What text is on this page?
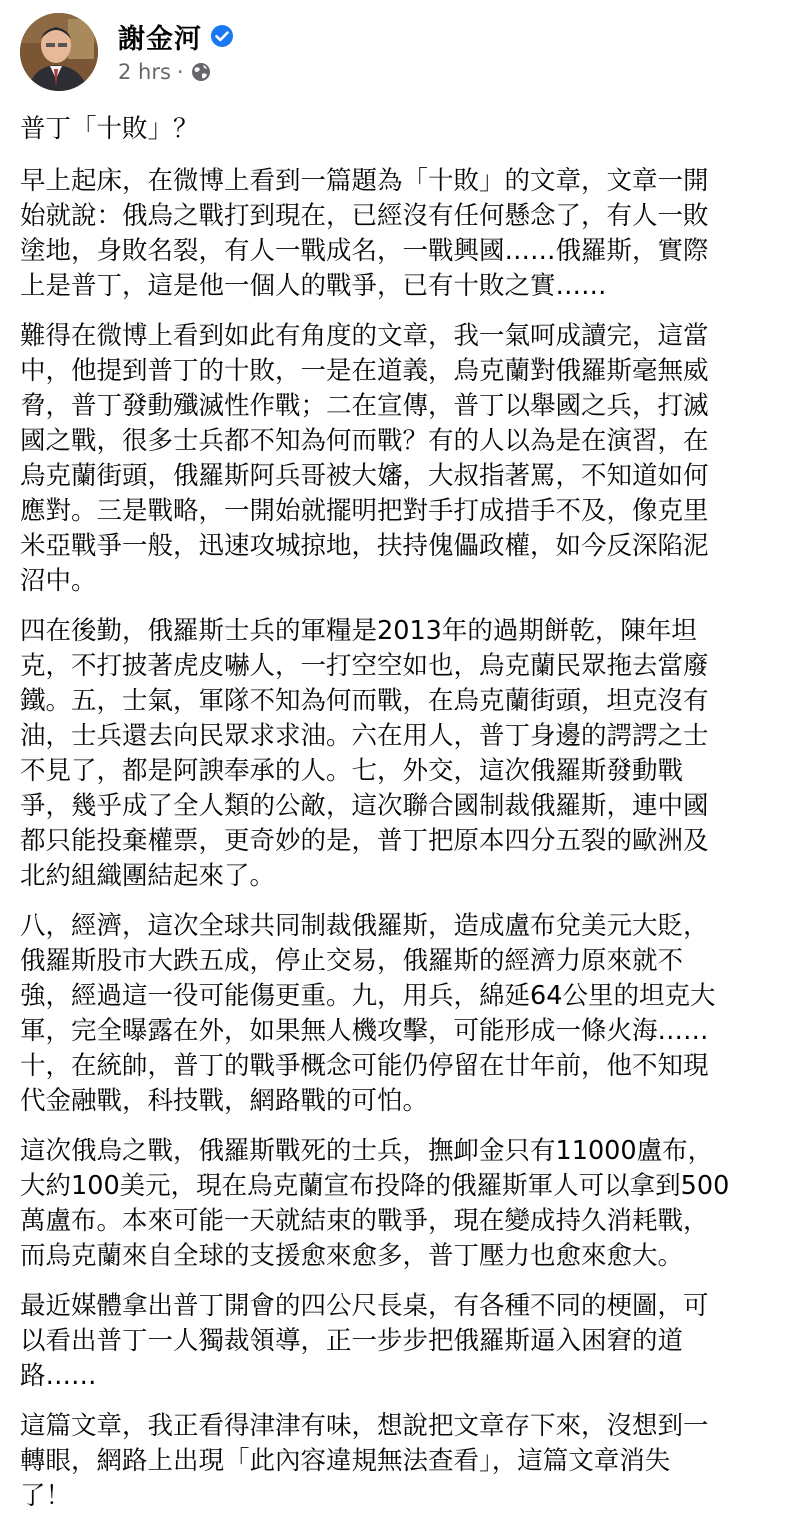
謝金河
2 hrs ·

普丁「十敗」？

早上起床，在微博上看到一篇題為「十敗」的文章，文章一開
始就說：俄烏之戰打到現在，已經沒有任何懸念了，有人一敗
塗地，身敗名裂，有人一戰成名，一戰興國……俄羅斯，實際
上是普丁，這是他一個人的戰爭，已有十敗之實……

難得在微博上看到如此有角度的文章，我一氣呵成讀完，這當
中，他提到普丁的十敗，一是在道義，烏克蘭對俄羅斯毫無威
脅，普丁發動殲滅性作戰；二在宣傳，普丁以舉國之兵，打滅
國之戰，很多士兵都不知為何而戰？有的人以為是在演習，在
烏克蘭街頭，俄羅斯阿兵哥被大嬸，大叔指著罵，不知道如何
應對。三是戰略，一開始就擺明把對手打成措手不及，像克里
米亞戰爭一般，迅速攻城掠地，扶持傀儡政權，如今反深陷泥
沼中。

四在後勤，俄羅斯士兵的軍糧是2013年的過期餅乾，陳年坦
克，不打披著虎皮嚇人，一打空空如也，烏克蘭民眾拖去當廢
鐵。五，士氣，軍隊不知為何而戰，在烏克蘭街頭，坦克沒有
油，士兵還去向民眾求求油。六在用人，普丁身邊的諤諤之士
不見了，都是阿諛奉承的人。七，外交，這次俄羅斯發動戰
爭，幾乎成了全人類的公敵，這次聯合國制裁俄羅斯，連中國
都只能投棄權票，更奇妙的是，普丁把原本四分五裂的歐洲及
北約組織團結起來了。

八，經濟，這次全球共同制裁俄羅斯，造成盧布兌美元大貶，
俄羅斯股市大跌五成，停止交易，俄羅斯的經濟力原來就不
強，經過這一役可能傷更重。九，用兵，綿延64公里的坦克大
軍，完全曝露在外，如果無人機攻擊，可能形成一條火海……
十，在統帥，普丁的戰爭概念可能仍停留在廿年前，他不知現
代金融戰，科技戰，網路戰的可怕。

這次俄烏之戰，俄羅斯戰死的士兵，撫卹金只有11000盧布，
大約100美元，現在烏克蘭宣布投降的俄羅斯軍人可以拿到500
萬盧布。本來可能一天就結束的戰爭，現在變成持久消耗戰，
而烏克蘭來自全球的支援愈來愈多，普丁壓力也愈來愈大。

最近媒體拿出普丁開會的四公尺長桌，有各種不同的梗圖，可
以看出普丁一人獨裁領導，正一步步把俄羅斯逼入困窘的道
路……

這篇文章，我正看得津津有味，想說把文章存下來，沒想到一
轉眼，網路上出現「此內容違規無法查看」，這篇文章消失
了！
